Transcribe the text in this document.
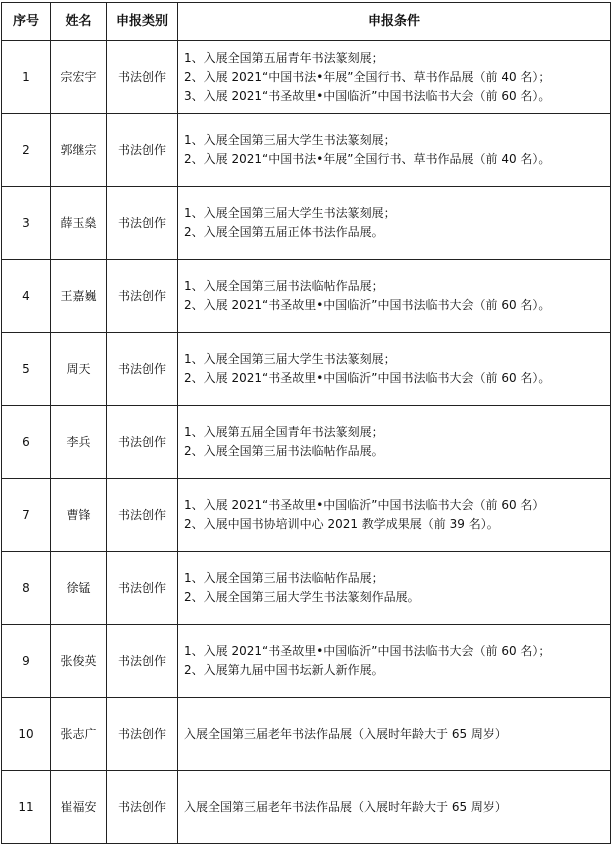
序号	姓名	申报类别	申报条件
1	宗宏宇	书法创作	1、入展全国第五届青年书法篆刻展；
2、入展 2021“中国书法•年展”全国行书、草书作品展（前 40 名）；
3、入展 2021“书圣故里•中国临沂”中国书法临书大会（前 60 名）。

2	郭继宗	书法创作	1、入展全国第三届大学生书法篆刻展；
2、入展 2021“中国书法•年展”全国行书、草书作品展（前 40 名）。

3	薛玉燊	书法创作	1、入展全国第三届大学生书法篆刻展；
2、入展全国第五届正体书法作品展。

4	王嘉巍	书法创作	1、入展全国第三届书法临帖作品展；
2、入展 2021“书圣故里•中国临沂”中国书法临书大会（前 60 名）。

5	周天	书法创作	1、入展全国第三届大学生书法篆刻展；
2、入展 2021“书圣故里•中国临沂”中国书法临书大会（前 60 名）。

6	李兵	书法创作	1、入展第五届全国青年书法篆刻展；
2、入展全国第三届书法临帖作品展。

7	曹锋	书法创作	1、入展 2021“书圣故里•中国临沂”中国书法临书大会（前 60 名）
2、入展中国书协培训中心 2021 教学成果展（前 39 名）。

8	徐锰	书法创作	1、入展全国第三届书法临帖作品展；
2、入展全国第三届大学生书法篆刻作品展。

9	张俊英	书法创作	1、入展 2021“书圣故里•中国临沂”中国书法临书大会（前 60 名）；
2、入展第九届中国书坛新人新作展。

10	张志广	书法创作	入展全国第三届老年书法作品展（入展时年龄大于 65 周岁）

11	崔福安	书法创作	入展全国第三届老年书法作品展（入展时年龄大于 65 周岁）
